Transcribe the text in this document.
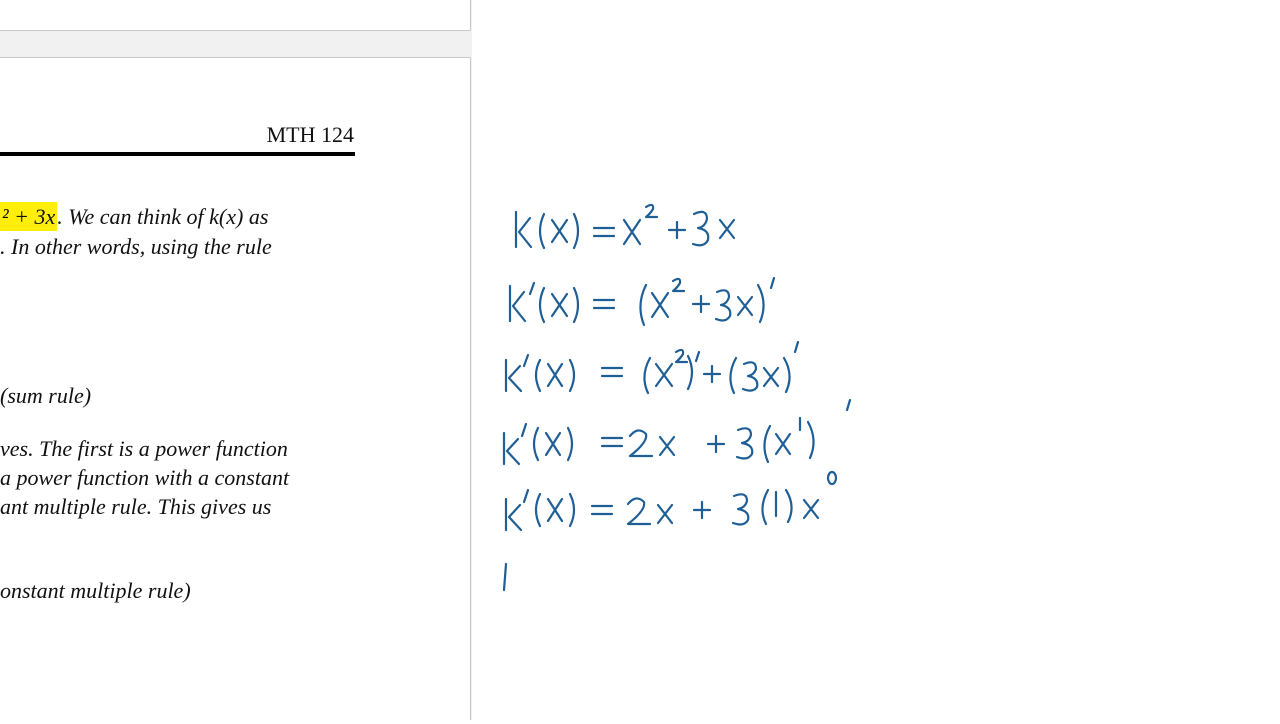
MTH 124
² + 3x. We can think of k(x) as
. In other words, using the rule
(sum rule)
ves. The first is a power function
a power function with a constant
ant multiple rule. This gives us
onstant multiple rule)
